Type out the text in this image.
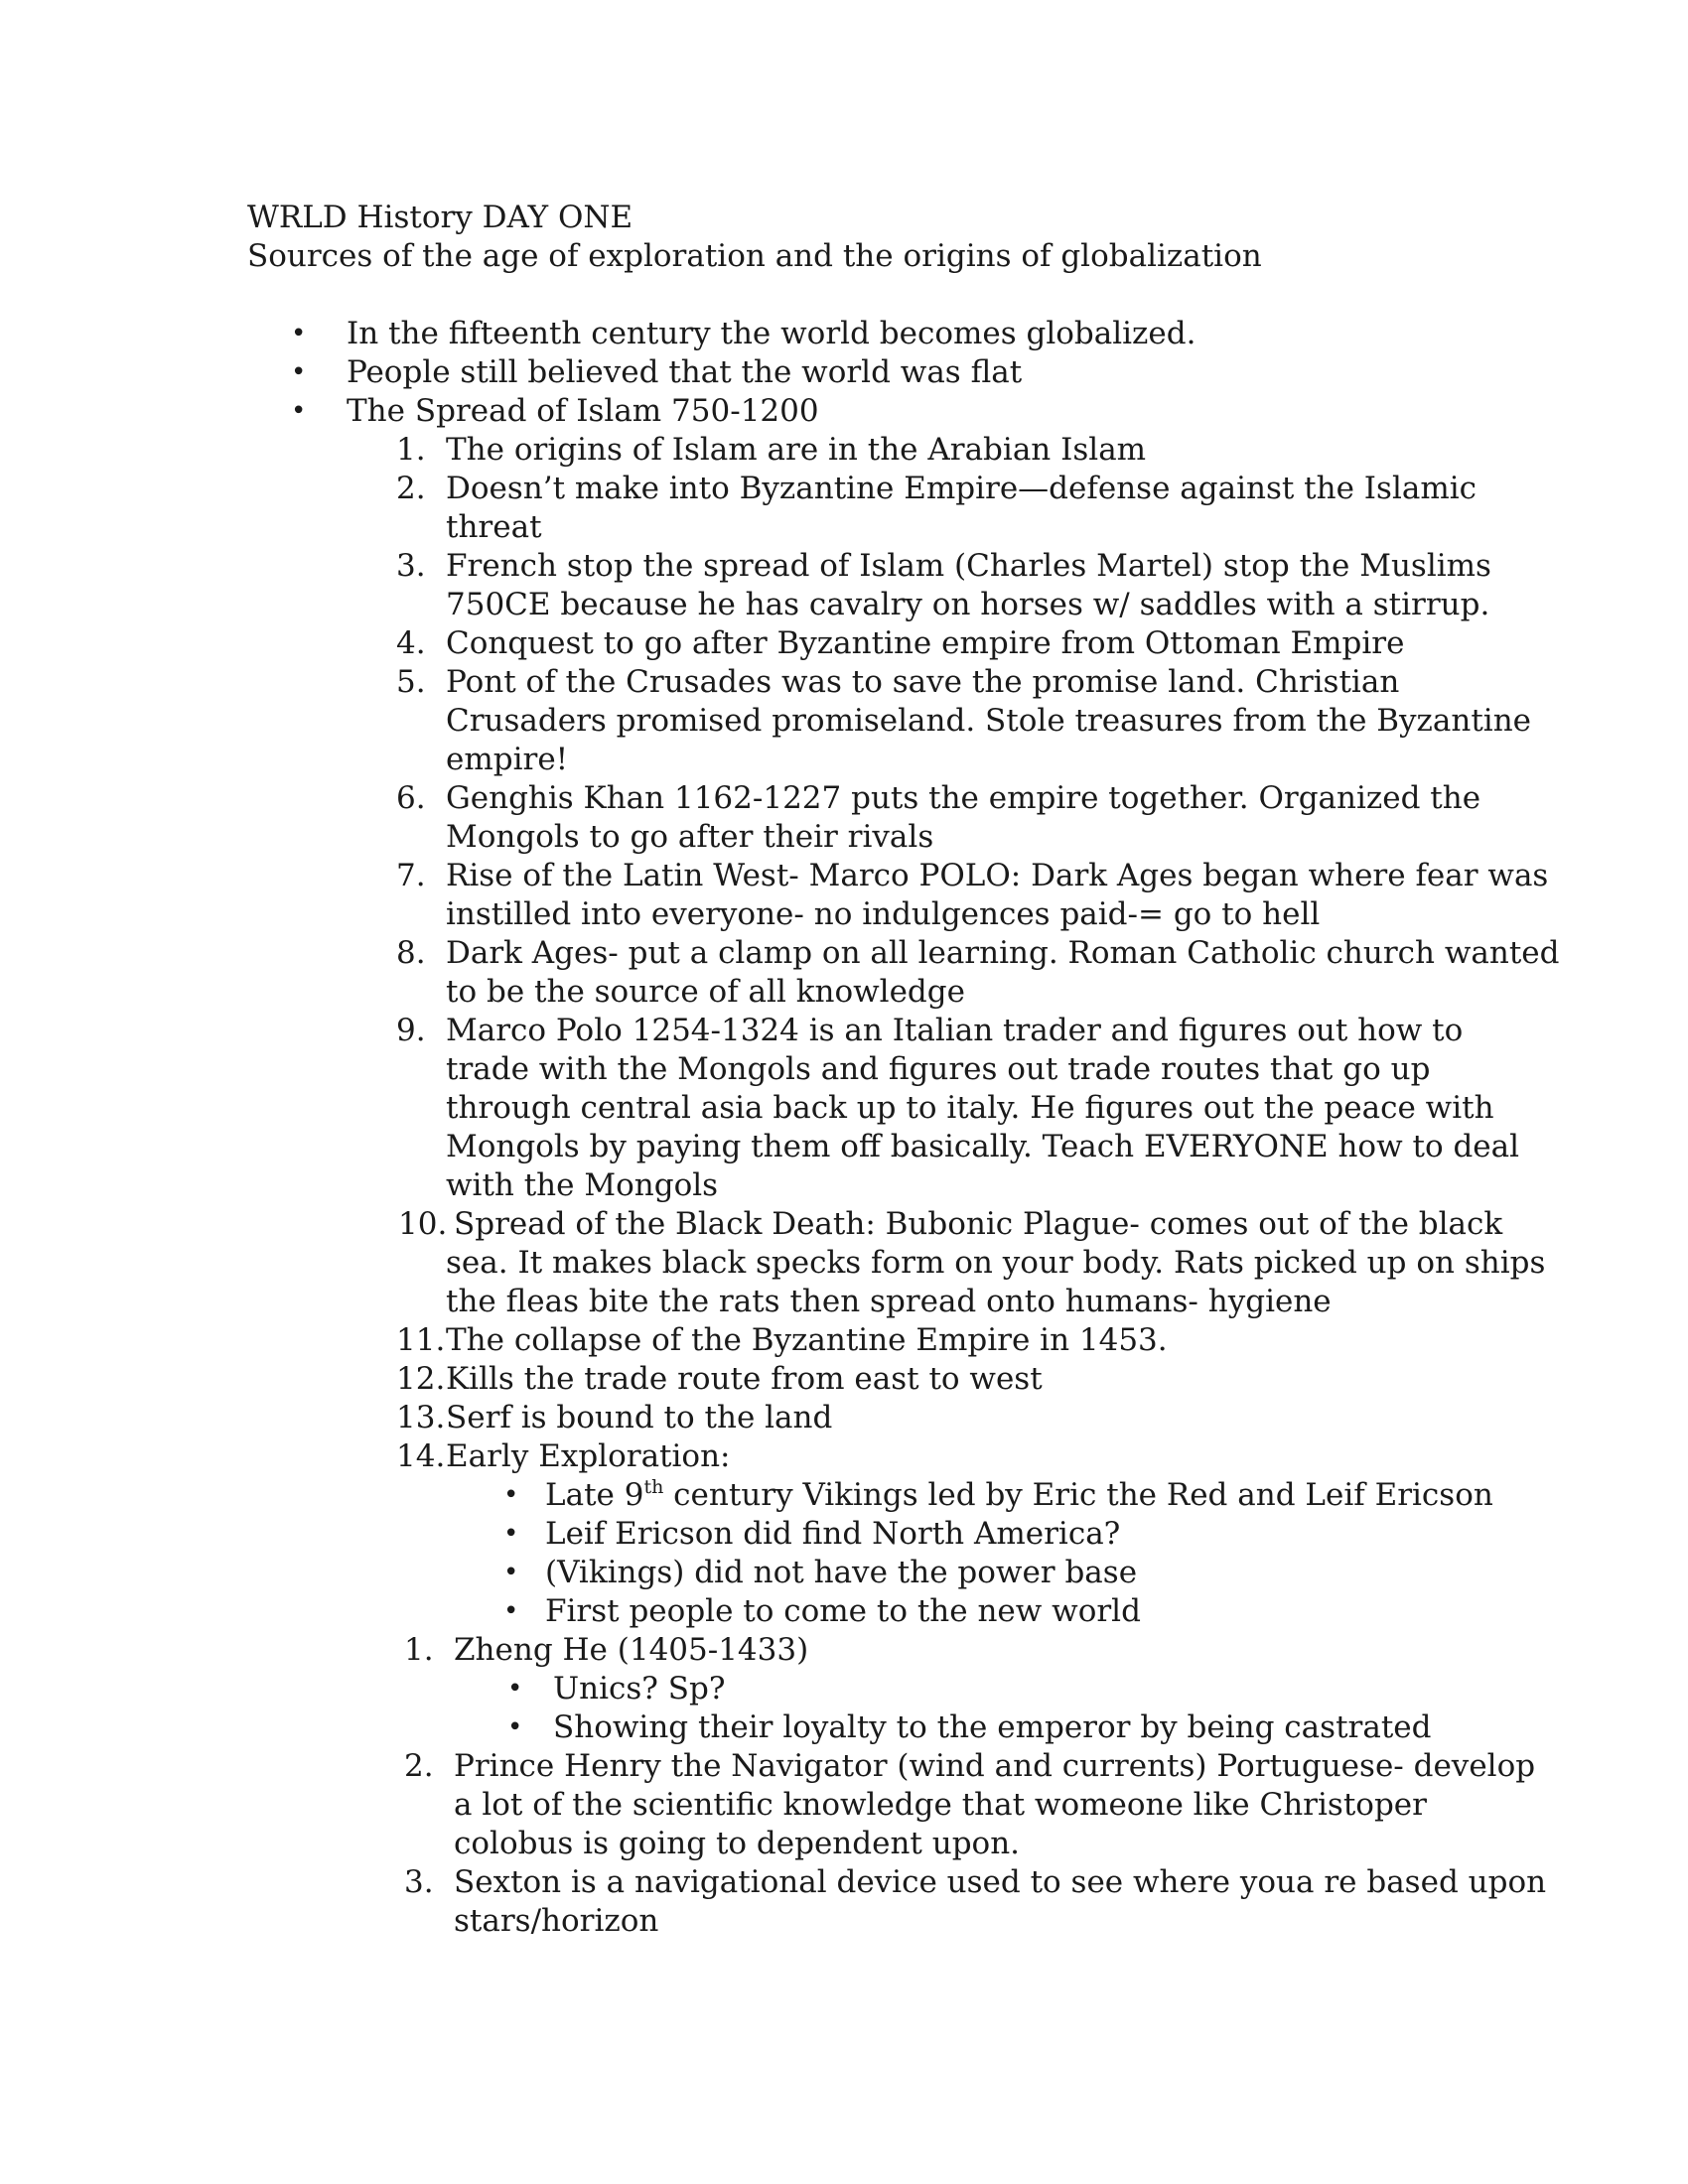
WRLD History DAY ONE
Sources of the age of exploration and the origins of globalization
• In the fifteenth century the world becomes globalized.
• People still believed that the world was flat
• The Spread of Islam 750-1200
1. The origins of Islam are in the Arabian Islam
2. Doesn’t make into Byzantine Empire—defense against the Islamic
threat
3. French stop the spread of Islam (Charles Martel) stop the Muslims
750CE because he has cavalry on horses w/ saddles with a stirrup.
4. Conquest to go after Byzantine empire from Ottoman Empire
5. Pont of the Crusades was to save the promise land. Christian
Crusaders promised promiseland. Stole treasures from the Byzantine
empire!
6. Genghis Khan 1162-1227 puts the empire together. Organized the
Mongols to go after their rivals
7. Rise of the Latin West- Marco POLO: Dark Ages began where fear was
instilled into everyone- no indulgences paid-= go to hell
8. Dark Ages- put a clamp on all learning. Roman Catholic church wanted
to be the source of all knowledge
9. Marco Polo 1254-1324 is an Italian trader and figures out how to
trade with the Mongols and figures out trade routes that go up
through central asia back up to italy. He figures out the peace with
Mongols by paying them off basically. Teach EVERYONE how to deal
with the Mongols
10. Spread of the Black Death: Bubonic Plague- comes out of the black
sea. It makes black specks form on your body. Rats picked up on ships
the fleas bite the rats then spread onto humans- hygiene
11. The collapse of the Byzantine Empire in 1453.
12. Kills the trade route from east to west
13. Serf is bound to the land
14. Early Exploration:
• Late 9th century Vikings led by Eric the Red and Leif Ericson
• Leif Ericson did find North America?
• (Vikings) did not have the power base
• First people to come to the new world
1. Zheng He (1405-1433)
• Unics? Sp?
• Showing their loyalty to the emperor by being castrated
2. Prince Henry the Navigator (wind and currents) Portuguese- develop
a lot of the scientific knowledge that womeone like Christoper
colobus is going to dependent upon.
3. Sexton is a navigational device used to see where youa re based upon
stars/horizon
